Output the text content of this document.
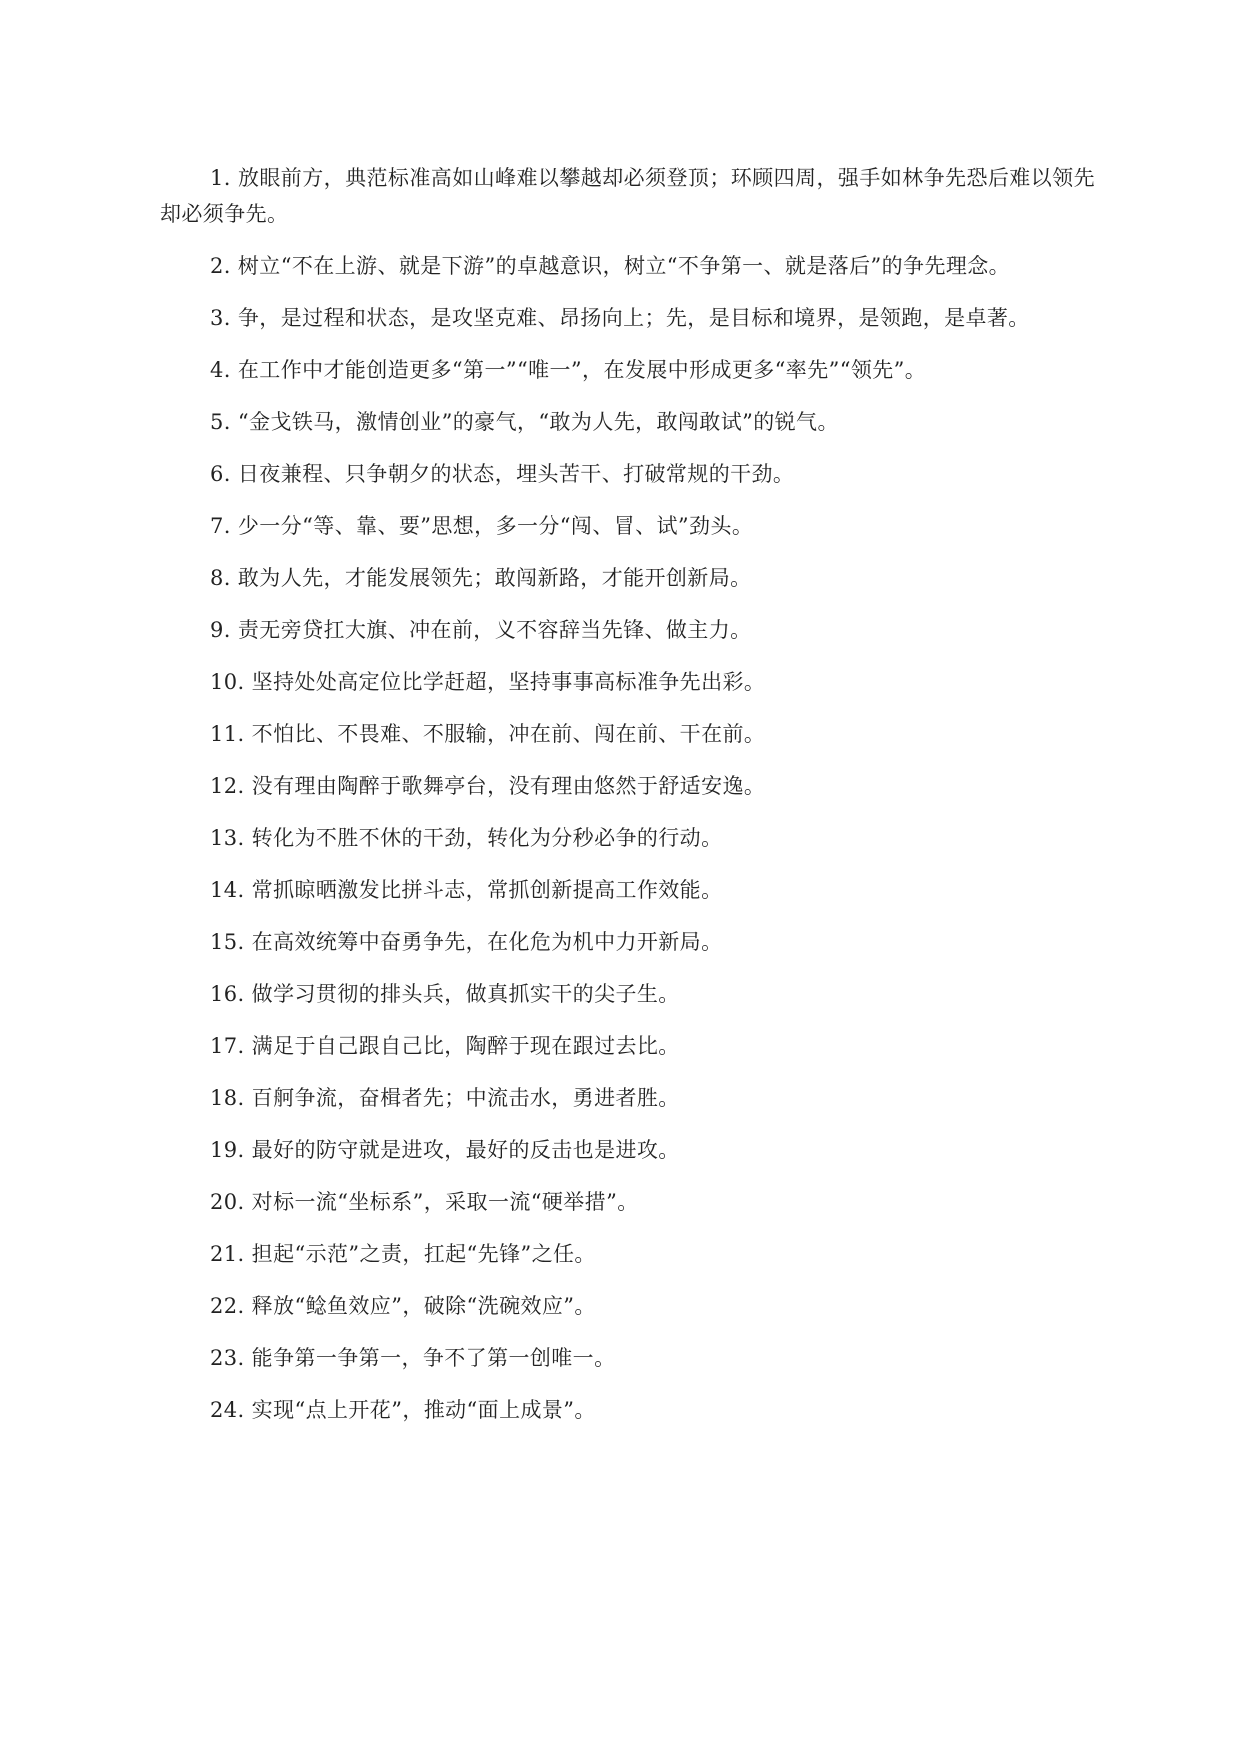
1. 放眼前方，典范标准高如山峰难以攀越却必须登顶；环顾四周，强手如林争先恐后难以领先却必须争先。

2. 树立“不在上游、就是下游”的卓越意识，树立“不争第一、就是落后”的争先理念。

3. 争，是过程和状态，是攻坚克难、昂扬向上；先，是目标和境界，是领跑，是卓著。

4. 在工作中才能创造更多“第一”“唯一”，在发展中形成更多“率先”“领先”。

5. “金戈铁马，激情创业”的豪气，“敢为人先，敢闯敢试”的锐气。

6. 日夜兼程、只争朝夕的状态，埋头苦干、打破常规的干劲。

7. 少一分“等、靠、要”思想，多一分“闯、冒、试”劲头。

8. 敢为人先，才能发展领先；敢闯新路，才能开创新局。

9. 责无旁贷扛大旗、冲在前，义不容辞当先锋、做主力。

10. 坚持处处高定位比学赶超，坚持事事高标准争先出彩。

11. 不怕比、不畏难、不服输，冲在前、闯在前、干在前。

12. 没有理由陶醉于歌舞亭台，没有理由悠然于舒适安逸。

13. 转化为不胜不休的干劲，转化为分秒必争的行动。

14. 常抓晾晒激发比拼斗志，常抓创新提高工作效能。

15. 在高效统筹中奋勇争先，在化危为机中力开新局。

16. 做学习贯彻的排头兵，做真抓实干的尖子生。

17. 满足于自己跟自己比，陶醉于现在跟过去比。

18. 百舸争流，奋楫者先；中流击水，勇进者胜。

19. 最好的防守就是进攻，最好的反击也是进攻。

20. 对标一流“坐标系”，采取一流“硬举措”。

21. 担起“示范”之责，扛起“先锋”之任。

22. 释放“鲶鱼效应”，破除“洗碗效应”。

23. 能争第一争第一，争不了第一创唯一。

24. 实现“点上开花”，推动“面上成景”。
